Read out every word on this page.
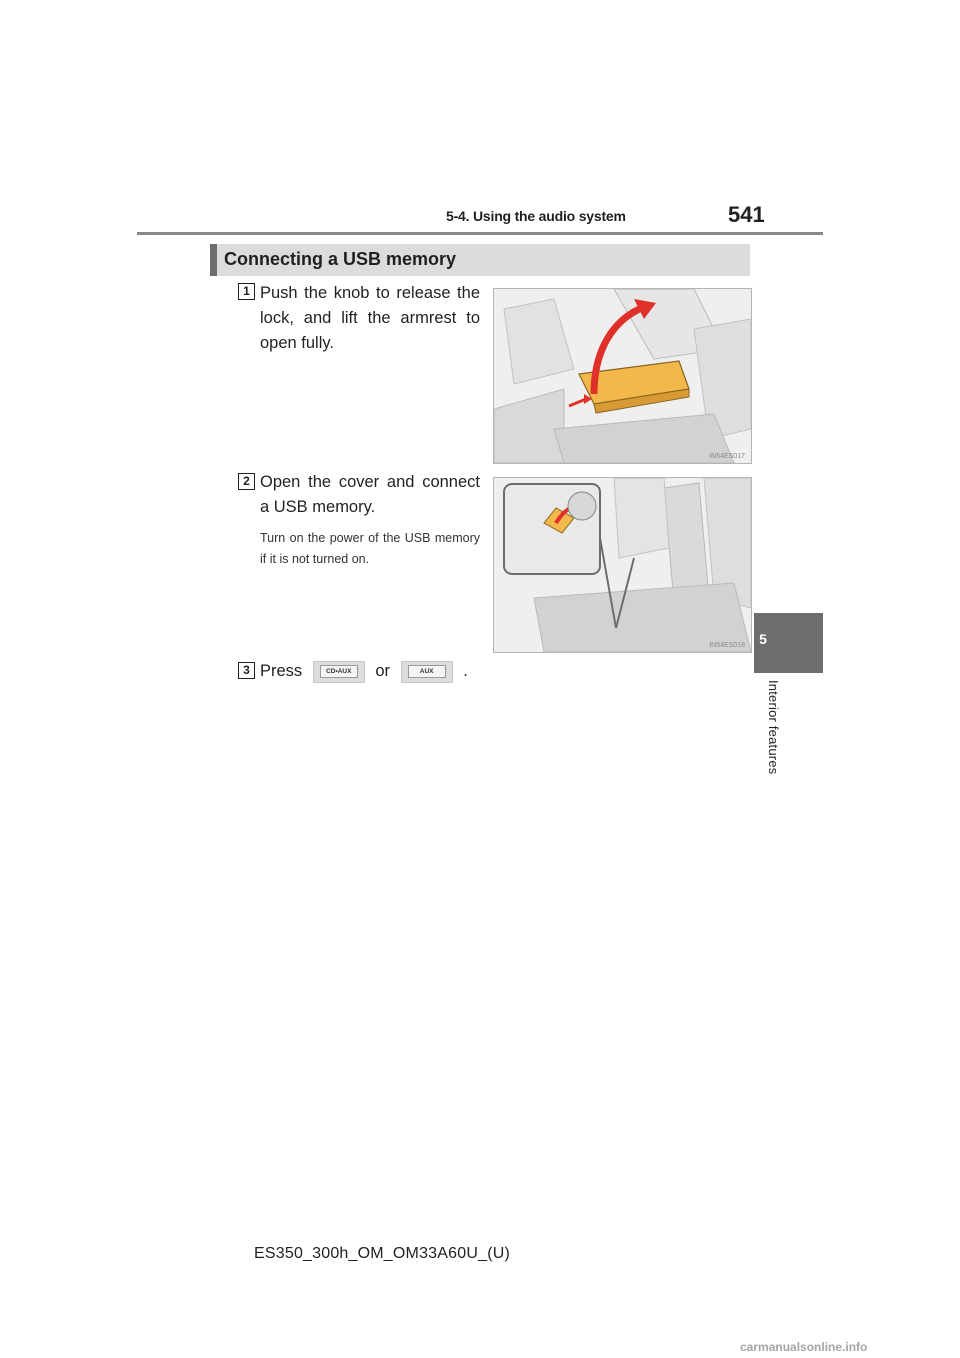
5-4. Using the audio system	541
5
Interior features
Connecting a USB memory
1 Push the knob to release the lock, and lift the armrest to open fully.
IN54ES017
2 Open the cover and connect a USB memory.
Turn on the power of the USB memory if it is not turned on.
IN54ES018
3 Press	CD•AUX	or	AUX	.
ES350_300h_OM_OM33A60U_(U)
carmanualsonline.info
